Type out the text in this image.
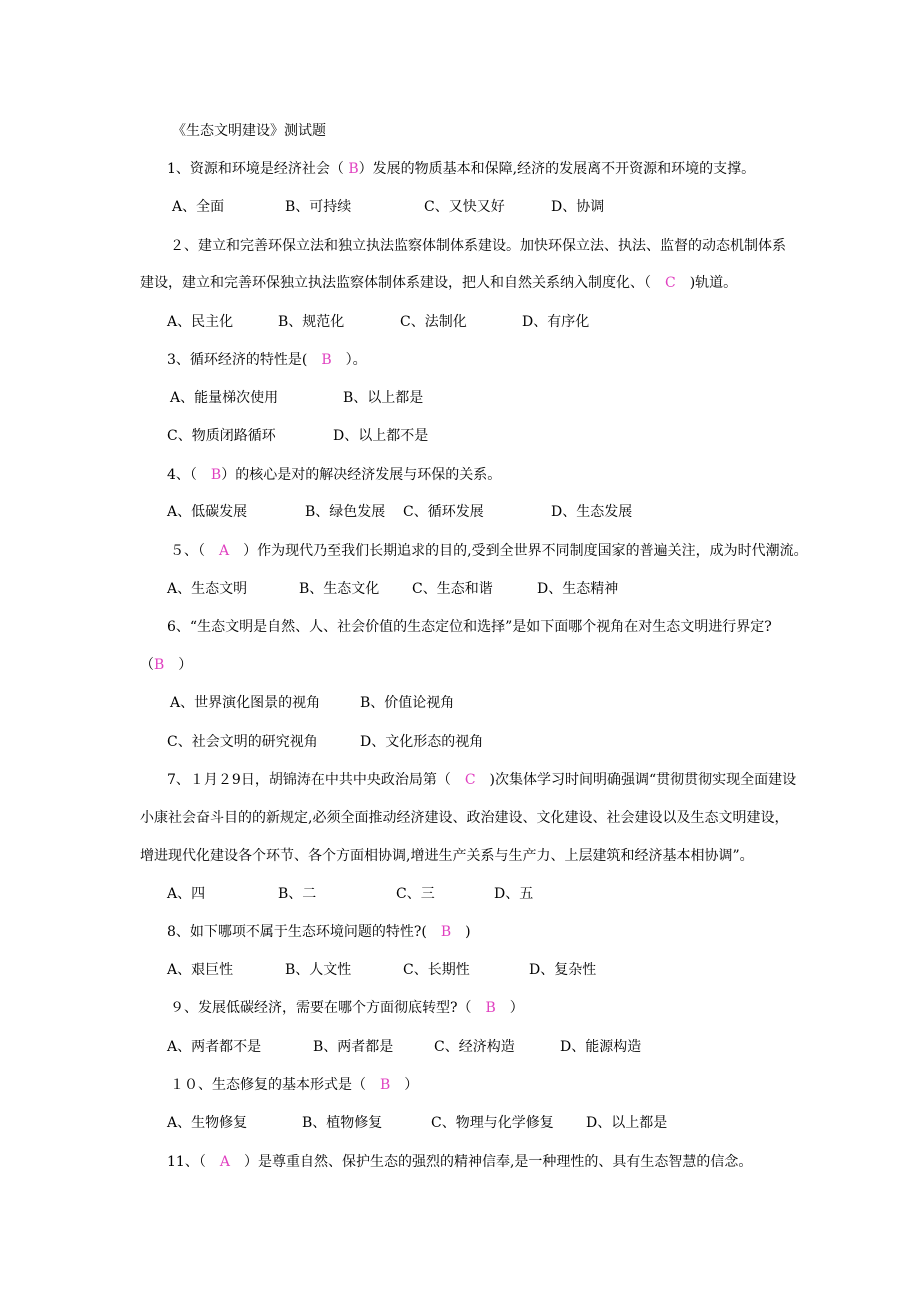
《生态文明建设》测试题
1、资源和环境是经济社会（ B）发展的物质基本和保障,经济的发展离不开资源和环境的支撑。
A、全面	B、可持续	C、又快又好	D、协调
２、建立和完善环保立法和独立执法监察体制体系建设。加快环保立法、执法、监督的动态机制体系
建设，建立和完善环保独立执法监察体制体系建设，把人和自然关系纳入制度化、（　C　)轨道。
A、民主化	B、规范化	C、法制化	D、有序化
3、循环经济的特性是(　B　）。
A、能量梯次使用	B、以上都是
C、物质闭路循环	D、以上都不是
4、（　B）的核心是对的解决经济发展与环保的关系。
A、低碳发展	B、绿色发展 C、循环发展	D、生态发展
５、（　A　）作为现代乃至我们长期追求的目的,受到全世界不同制度国家的普遍关注，成为时代潮流。
A、生态文明	B、生态文化 C、生态和谐	D、生态精神
6、“生态文明是自然、人、社会价值的生态定位和选择”是如下面哪个视角在对生态文明进行界定?
（B　）
A、世界演化图景的视角	B、价值论视角
C、社会文明的研究视角	D、文化形态的视角
7、１月２9日，胡锦涛在中共中央政治局第（　C　)次集体学习时间明确强调“贯彻贯彻实现全面建设
小康社会奋斗目的的新规定,必须全面推动经济建设、政治建设、文化建设、社会建设以及生态文明建设，
增进现代化建设各个环节、各个方面相协调,增进生产关系与生产力、上层建筑和经济基本相协调”。
A、四	B、二	C、三	D、五
8、如下哪项不属于生态环境问题的特性?(　B　)
A、艰巨性	B、人文性	C、长期性	D、复杂性
９、发展低碳经济，需要在哪个方面彻底转型?（　B　）
A、两者都不是	B、两者都是	C、经济构造	D、能源构造
１０、生态修复的基本形式是（　B　）
A、生物修复	B、植物修复	C、物理与化学修复 D、以上都是
11、（　A　）是尊重自然、保护生态的强烈的精神信奉,是一种理性的、具有生态智慧的信念。
